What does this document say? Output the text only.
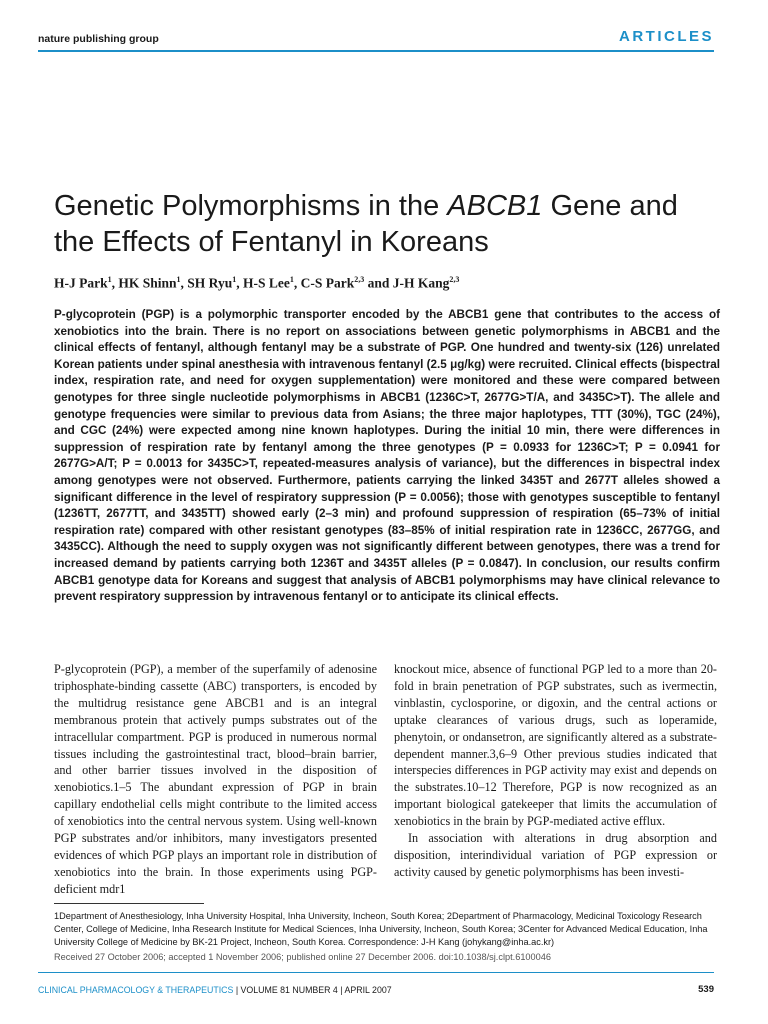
nature publishing group	ARTICLES
Genetic Polymorphisms in the ABCB1 Gene and
the Effects of Fentanyl in Koreans
H-J Park$^1$, HK Shinn$^1$, SH Ryu$^1$, H-S Lee$^1$, C-S Park$^{2,3}$ and J-H Kang$^{2,3}$
P-glycoprotein (PGP) is a polymorphic transporter encoded by the ABCB1 gene that contributes to the access of xenobiotics into the brain. There is no report on associations between genetic polymorphisms in ABCB1 and the clinical effects of fentanyl, although fentanyl may be a substrate of PGP. One hundred and twenty-six (126) unrelated Korean patients under spinal anesthesia with intravenous fentanyl (2.5 μg/kg) were recruited. Clinical effects (bispectral index, respiration rate, and need for oxygen supplementation) were monitored and these were compared between genotypes for three single nucleotide polymorphisms in ABCB1 (1236C>T, 2677G>T/A, and 3435C>T). The allele and genotype frequencies were similar to previous data from Asians; the three major haplotypes, TTT (30%), TGC (24%), and CGC (24%) were expected among nine known haplotypes. During the initial 10 min, there were differences in suppression of respiration rate by fentanyl among the three genotypes (P = 0.0933 for 1236C>T; P = 0.0941 for 2677G>A/T; P = 0.0013 for 3435C>T, repeated-measures analysis of variance), but the differences in bispectral index among genotypes were not observed. Furthermore, patients carrying the linked 3435T and 2677T alleles showed a significant difference in the level of respiratory suppression (P = 0.0056); those with genotypes susceptible to fentanyl (1236TT, 2677TT, and 3435TT) showed early (2–3 min) and profound suppression of respiration (65–73% of initial respiration rate) compared with other resistant genotypes (83–85% of initial respiration rate in 1236CC, 2677GG, and 3435CC). Although the need to supply oxygen was not significantly different between genotypes, there was a trend for increased demand by patients carrying both 1236T and 3435T alleles (P = 0.0847). In conclusion, our results confirm ABCB1 genotype data for Koreans and suggest that analysis of ABCB1 polymorphisms may have clinical relevance to prevent respiratory suppression by intravenous fentanyl or to anticipate its clinical effects.

P-glycoprotein (PGP), a member of the superfamily of adenosine triphosphate-binding cassette (ABC) transporters, is encoded by the multidrug resistance gene ABCB1 and is an integral membranous protein that actively pumps substrates out of the intracellular compartment. PGP is produced in numerous normal tissues including the gastrointestinal tract, blood–brain barrier, and other barrier tissues involved in the disposition of xenobiotics.1–5 The abundant expression of PGP in brain capillary endothelial cells might contribute to the limited access of xenobiotics into the central nervous system. Using well-known PGP substrates and/or inhibitors, many investigators presented evidences of which PGP plays an important role in distribution of xenobiotics into the brain. In those experiments using PGP-deficient mdr1

knockout mice, absence of functional PGP led to a more than 20-fold in brain penetration of PGP substrates, such as ivermectin, vinblastin, cyclosporine, or digoxin, and the central actions or uptake clearances of various drugs, such as loperamide, phenytoin, or ondansetron, are significantly altered as a substrate-dependent manner.3,6–9 Other previous studies indicated that interspecies differences in PGP activity may exist and depends on the substrates.10–12 Therefore, PGP is now recognized as an important biological gatekeeper that limits the accumulation of xenobiotics in the brain by PGP-mediated active efflux.

In association with alterations in drug absorption and disposition, interindividual variation of PGP expression or activity caused by genetic polymorphisms has been investi-

1Department of Anesthesiology, Inha University Hospital, Inha University, Incheon, South Korea; 2Department of Pharmacology, Medicinal Toxicology Research Center, College of Medicine, Inha Research Institute for Medical Sciences, Inha University, Incheon, South Korea; 3Center for Advanced Medical Education, Inha University College of Medicine by BK-21 Project, Incheon, South Korea. Correspondence: J-H Kang (johykang@inha.ac.kr)
Received 27 October 2006; accepted 1 November 2006; published online 27 December 2006. doi:10.1038/sj.clpt.6100046
CLINICAL PHARMACOLOGY & THERAPEUTICS | VOLUME 81 NUMBER 4 | APRIL 2007	539
